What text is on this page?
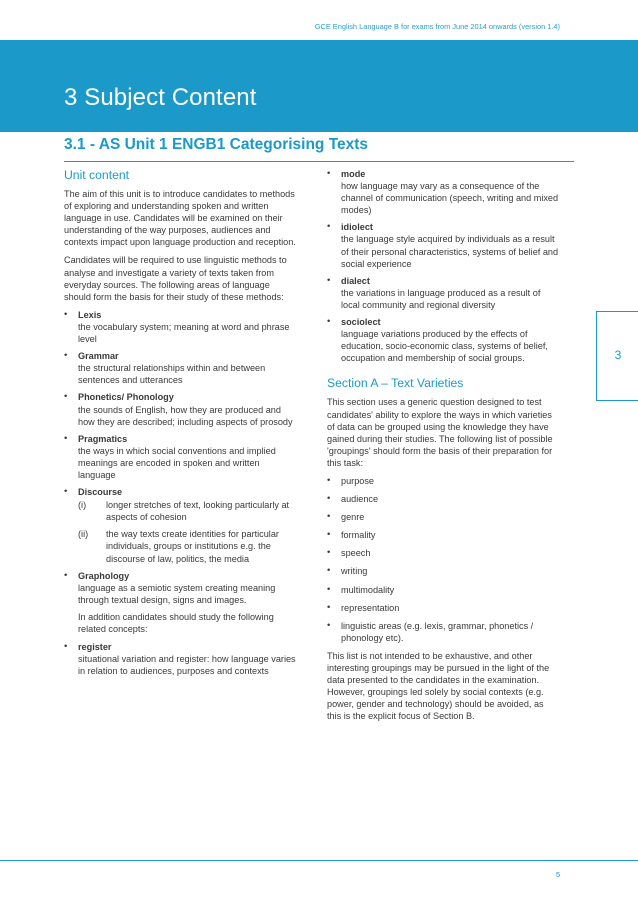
GCE English Language B for exams from June 2014 onwards (version 1.4)
3 Subject Content
3.1 - AS Unit 1 ENGB1 Categorising Texts
Unit content

The aim of this unit is to introduce candidates to methods of exploring and understanding spoken and written language in use. Candidates will be examined on their understanding of the way purposes, audiences and contexts impact upon language production and reception.

Candidates will be required to use linguistic methods to analyse and investigate a variety of texts taken from everyday sources. The following areas of language should form the basis for their study of these methods:

• Lexis
the vocabulary system; meaning at word and phrase level
• Grammar
the structural relationships within and between sentences and utterances
• Phonetics/ Phonology
the sounds of English, how they are produced and how they are described; including aspects of prosody
• Pragmatics
the ways in which social conventions and implied meanings are encoded in spoken and written language
• Discourse
(i) longer stretches of text, looking particularly at aspects of cohesion
(ii) the way texts create identities for particular individuals, groups or institutions e.g. the discourse of law, politics, the media
• Graphology
language as a semiotic system creating meaning through textual design, signs and images.

In addition candidates should study the following related concepts:

• register
situational variation and register: how language varies in relation to audiences, purposes and contexts
• mode
how language may vary as a consequence of the channel of communication (speech, writing and mixed modes)
• idiolect
the language style acquired by individuals as a result of their personal characteristics, systems of belief and social experience
• dialect
the variations in language produced as a result of local community and regional diversity
• sociolect
language variations produced by the effects of education, socio-economic class, systems of belief, occupation and membership of social groups.
Section A – Text Varieties

This section uses a generic question designed to test candidates' ability to explore the ways in which varieties of data can be grouped using the knowledge they have gained during their studies. The following list of possible 'groupings' should form the basis of their preparation for this task:

• purpose
• audience
• genre
• formality
• speech
• writing
• multimodality
• representation
• linguistic areas (e.g. lexis, grammar, phonetics / phonology etc).

This list is not intended to be exhaustive, and other interesting groupings may be pursued in the light of the data presented to the candidates in the examination. However, groupings led solely by social contexts (e.g. power, gender and technology) should be avoided, as this is the explicit focus of Section B.

3
5
